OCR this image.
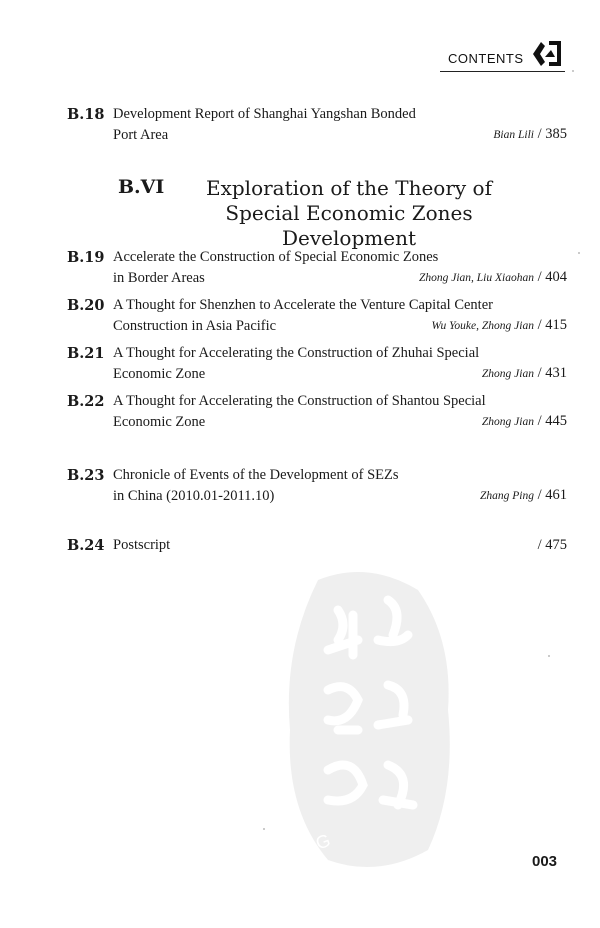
CONTENTS
B.18 Development Report of Shanghai Yangshan Bonded Port Area	Bian Lili / 385
B.VI	Exploration of the Theory of Special Economic Zones Development
B.19 Accelerate the Construction of Special Economic Zones
in Border Areas	Zhong Jian, Liu Xiaohan / 404
B.20 A Thought for Shenzhen to Accelerate the Venture Capital Center
Construction in Asia Pacific	Wu Youke, Zhong Jian / 415
B.21 A Thought for Accelerating the Construction of Zhuhai Special
Economic Zone	Zhong Jian / 431
B.22 A Thought for Accelerating the Construction of Shantou Special
Economic Zone	Zhong Jian / 445
B.23 Chronicle of Events of the Development of SEZs
in China (2010.01-2011.10)	Zhang Ping / 461
B.24 Postscript	/ 475
PDG	003
